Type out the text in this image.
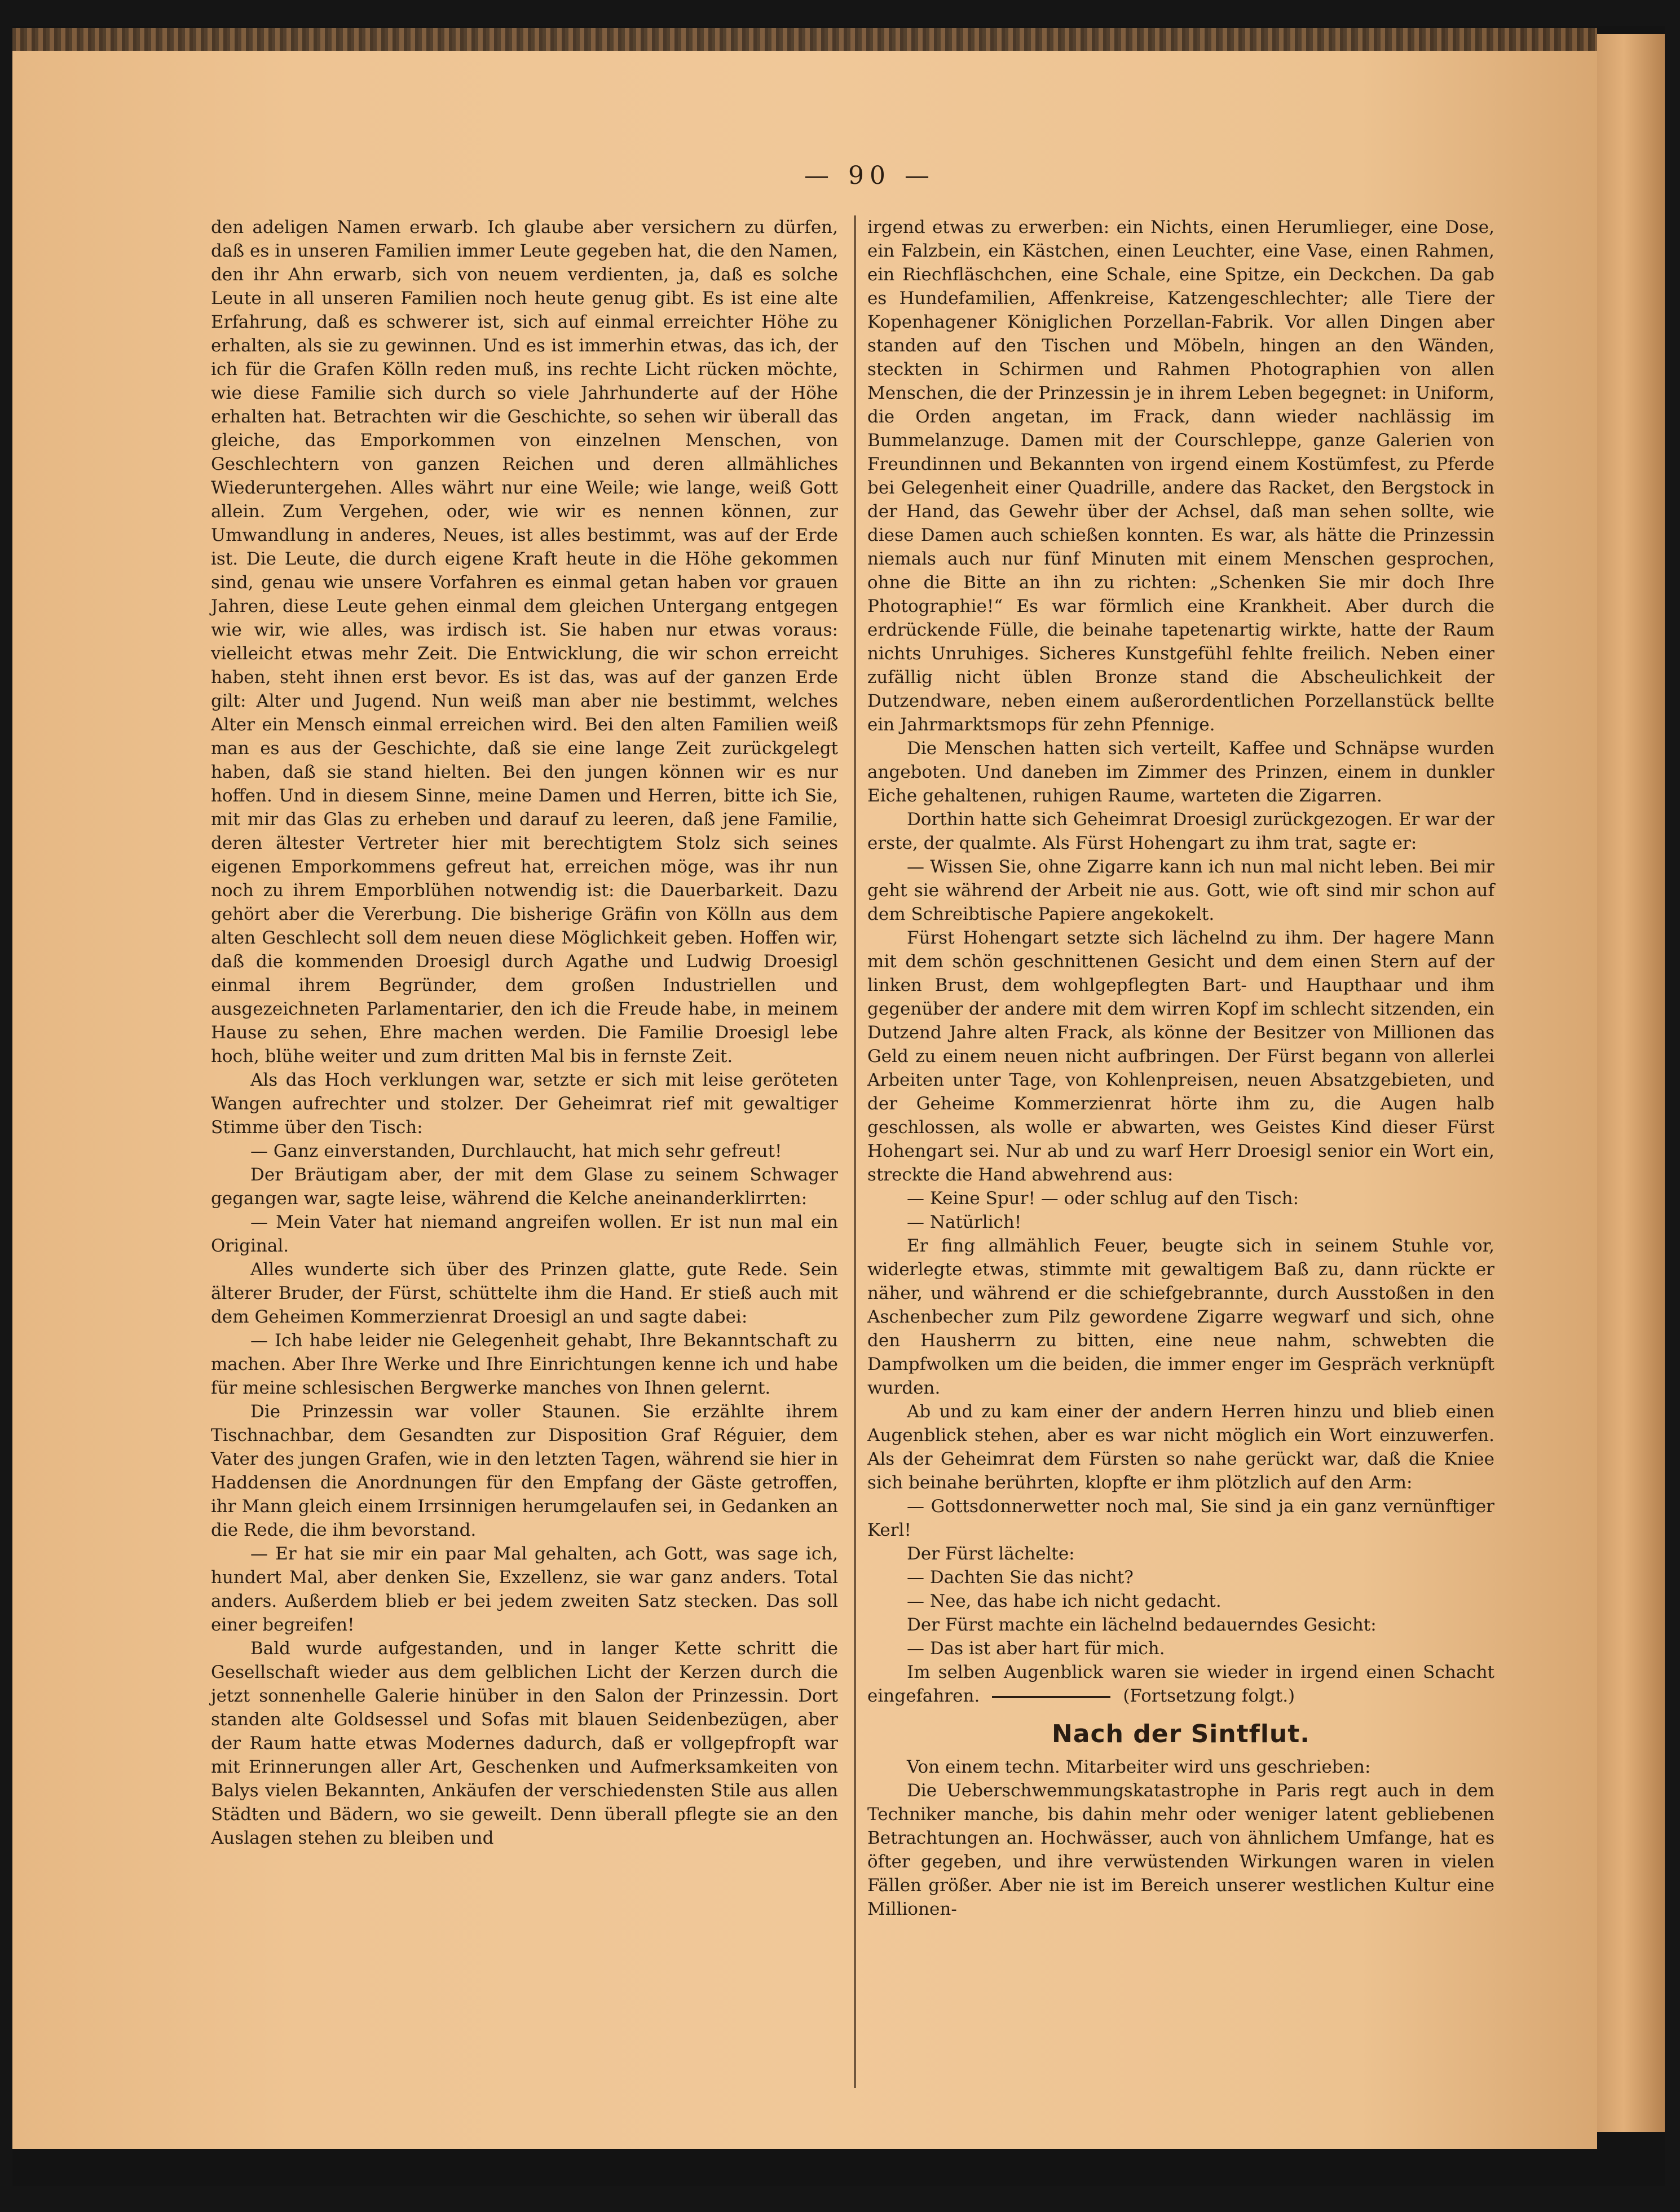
— 90 —

den adeligen Namen erwarb. Ich glaube aber versichern zu dürfen, daß es in unseren Familien immer Leute gegeben hat, die den Namen, den ihr Ahn erwarb, sich von neuem verdienten, ja, daß es solche Leute in all unseren Familien noch heute genug gibt. Es ist eine alte Erfahrung, daß es schwerer ist, sich auf einmal erreichter Höhe zu erhalten, als sie zu gewinnen. Und es ist immerhin etwas, das ich, der ich für die Grafen Kölln reden muß, ins rechte Licht rücken möchte, wie diese Familie sich durch so viele Jahrhunderte auf der Höhe erhalten hat. Betrachten wir die Geschichte, so sehen wir überall das gleiche, das Emporkommen von einzelnen Menschen, von Geschlechtern von ganzen Reichen und deren allmähliches Wiederuntergehen. Alles währt nur eine Weile; wie lange, weiß Gott allein. Zum Vergehen, oder, wie wir es nennen können, zur Umwandlung in anderes, Neues, ist alles bestimmt, was auf der Erde ist. Die Leute, die durch eigene Kraft heute in die Höhe gekommen sind, genau wie unsere Vorfahren es einmal getan haben vor grauen Jahren, diese Leute gehen einmal dem gleichen Untergang entgegen wie wir, wie alles, was irdisch ist. Sie haben nur etwas voraus: vielleicht etwas mehr Zeit. Die Entwicklung, die wir schon erreicht haben, steht ihnen erst bevor. Es ist das, was auf der ganzen Erde gilt: Alter und Jugend. Nun weiß man aber nie bestimmt, welches Alter ein Mensch einmal erreichen wird. Bei den alten Familien weiß man es aus der Geschichte, daß sie eine lange Zeit zurückgelegt haben, daß sie stand hielten. Bei den jungen können wir es nur hoffen. Und in diesem Sinne, meine Damen und Herren, bitte ich Sie, mit mir das Glas zu erheben und darauf zu leeren, daß jene Familie, deren ältester Vertreter hier mit berechtigtem Stolz sich seines eigenen Emporkommens gefreut hat, erreichen möge, was ihr nun noch zu ihrem Emporblühen notwendig ist: die Dauerbarkeit. Dazu gehört aber die Vererbung. Die bisherige Gräfin von Kölln aus dem alten Geschlecht soll dem neuen diese Möglichkeit geben. Hoffen wir, daß die kommenden Droesigl durch Agathe und Ludwig Droesigl einmal ihrem Begründer, dem großen Industriellen und ausgezeichneten Parlamentarier, den ich die Freude habe, in meinem Hause zu sehen, Ehre machen werden. Die Familie Droesigl lebe hoch, blühe weiter und zum dritten Mal bis in fernste Zeit.

Als das Hoch verklungen war, setzte er sich mit leise geröteten Wangen aufrechter und stolzer. Der Geheimrat rief mit gewaltiger Stimme über den Tisch:

— Ganz einverstanden, Durchlaucht, hat mich sehr gefreut!

Der Bräutigam aber, der mit dem Glase zu seinem Schwager gegangen war, sagte leise, während die Kelche aneinanderklirrten:

— Mein Vater hat niemand angreifen wollen. Er ist nun mal ein Original.

Alles wunderte sich über des Prinzen glatte, gute Rede. Sein älterer Bruder, der Fürst, schüttelte ihm die Hand. Er stieß auch mit dem Geheimen Kommerzienrat Droesigl an und sagte dabei:

— Ich habe leider nie Gelegenheit gehabt, Ihre Bekanntschaft zu machen. Aber Ihre Werke und Ihre Einrichtungen kenne ich und habe für meine schlesischen Bergwerke manches von Ihnen gelernt.

Die Prinzessin war voller Staunen. Sie erzählte ihrem Tischnachbar, dem Gesandten zur Disposition Graf Réguier, dem Vater des jungen Grafen, wie in den letzten Tagen, während sie hier in Haddensen die Anordnungen für den Empfang der Gäste getroffen, ihr Mann gleich einem Irrsinnigen herumgelaufen sei, in Gedanken an die Rede, die ihm bevorstand.

— Er hat sie mir ein paar Mal gehalten, ach Gott, was sage ich, hundert Mal, aber denken Sie, Exzellenz, sie war ganz anders. Total anders. Außerdem blieb er bei jedem zweiten Satz stecken. Das soll einer begreifen!

Bald wurde aufgestanden, und in langer Kette schritt die Gesellschaft wieder aus dem gelblichen Licht der Kerzen durch die jetzt sonnenhelle Galerie hinüber in den Salon der Prinzessin. Dort standen alte Goldsessel und Sofas mit blauen Seidenbezügen, aber der Raum hatte etwas Modernes dadurch, daß er vollgepfropft war mit Erinnerungen aller Art, Geschenken und Aufmerksamkeiten von Balys vielen Bekannten, Ankäufen der verschiedensten Stile aus allen Städten und Bädern, wo sie geweilt. Denn überall pflegte sie an den Auslagen stehen zu bleiben und

irgend etwas zu erwerben: ein Nichts, einen Herumlieger, eine Dose, ein Falzbein, ein Kästchen, einen Leuchter, eine Vase, einen Rahmen, ein Riechfläschchen, eine Schale, eine Spitze, ein Deckchen. Da gab es Hundefamilien, Affenkreise, Katzengeschlechter; alle Tiere der Kopenhagener Königlichen Porzellan-Fabrik. Vor allen Dingen aber standen auf den Tischen und Möbeln, hingen an den Wänden, steckten in Schirmen und Rahmen Photographien von allen Menschen, die der Prinzessin je in ihrem Leben begegnet: in Uniform, die Orden angetan, im Frack, dann wieder nachlässig im Bummelanzuge. Damen mit der Courschleppe, ganze Galerien von Freundinnen und Bekannten von irgend einem Kostümfest, zu Pferde bei Gelegenheit einer Quadrille, andere das Racket, den Bergstock in der Hand, das Gewehr über der Achsel, daß man sehen sollte, wie diese Damen auch schießen konnten. Es war, als hätte die Prinzessin niemals auch nur fünf Minuten mit einem Menschen gesprochen, ohne die Bitte an ihn zu richten: „Schenken Sie mir doch Ihre Photographie!“ Es war förmlich eine Krankheit. Aber durch die erdrückende Fülle, die beinahe tapetenartig wirkte, hatte der Raum nichts Unruhiges. Sicheres Kunstgefühl fehlte freilich. Neben einer zufällig nicht üblen Bronze stand die Abscheulichkeit der Dutzendware, neben einem außerordentlichen Porzellanstück bellte ein Jahrmarktsmops für zehn Pfennige.

Die Menschen hatten sich verteilt, Kaffee und Schnäpse wurden angeboten. Und daneben im Zimmer des Prinzen, einem in dunkler Eiche gehaltenen, ruhigen Raume, warteten die Zigarren.

Dorthin hatte sich Geheimrat Droesigl zurückgezogen. Er war der erste, der qualmte. Als Fürst Hohengart zu ihm trat, sagte er:

— Wissen Sie, ohne Zigarre kann ich nun mal nicht leben. Bei mir geht sie während der Arbeit nie aus. Gott, wie oft sind mir schon auf dem Schreibtische Papiere angekokelt.

Fürst Hohengart setzte sich lächelnd zu ihm. Der hagere Mann mit dem schön geschnittenen Gesicht und dem einen Stern auf der linken Brust, dem wohlgepflegten Bart- und Haupthaar und ihm gegenüber der andere mit dem wirren Kopf im schlecht sitzenden, ein Dutzend Jahre alten Frack, als könne der Besitzer von Millionen das Geld zu einem neuen nicht aufbringen. Der Fürst begann von allerlei Arbeiten unter Tage, von Kohlenpreisen, neuen Absatzgebieten, und der Geheime Kommerzienrat hörte ihm zu, die Augen halb geschlossen, als wolle er abwarten, wes Geistes Kind dieser Fürst Hohengart sei. Nur ab und zu warf Herr Droesigl senior ein Wort ein, streckte die Hand abwehrend aus:

— Keine Spur! — oder schlug auf den Tisch:

— Natürlich!

Er fing allmählich Feuer, beugte sich in seinem Stuhle vor, widerlegte etwas, stimmte mit gewaltigem Baß zu, dann rückte er näher, und während er die schiefgebrannte, durch Ausstoßen in den Aschenbecher zum Pilz gewordene Zigarre wegwarf und sich, ohne den Hausherrn zu bitten, eine neue nahm, schwebten die Dampfwolken um die beiden, die immer enger im Gespräch verknüpft wurden.

Ab und zu kam einer der andern Herren hinzu und blieb einen Augenblick stehen, aber es war nicht möglich ein Wort einzuwerfen. Als der Geheimrat dem Fürsten so nahe gerückt war, daß die Kniee sich beinahe berührten, klopfte er ihm plötzlich auf den Arm:

— Gottsdonnerwetter noch mal, Sie sind ja ein ganz vernünftiger Kerl!

Der Fürst lächelte:

— Dachten Sie das nicht?

— Nee, das habe ich nicht gedacht.

Der Fürst machte ein lächelnd bedauerndes Gesicht:

— Das ist aber hart für mich.

Im selben Augenblick waren sie wieder in irgend einen Schacht eingefahren.	(Fortsetzung folgt.)

Nach der Sintflut.

Von einem techn. Mitarbeiter wird uns geschrieben:

Die Ueberschwemmungskatastrophe in Paris regt auch in dem Techniker manche, bis dahin mehr oder weniger latent gebliebenen Betrachtungen an. Hochwässer, auch von ähnlichem Umfange, hat es öfter gegeben, und ihre verwüstenden Wirkungen waren in vielen Fällen größer. Aber nie ist im Bereich unserer westlichen Kultur eine Millionen-
